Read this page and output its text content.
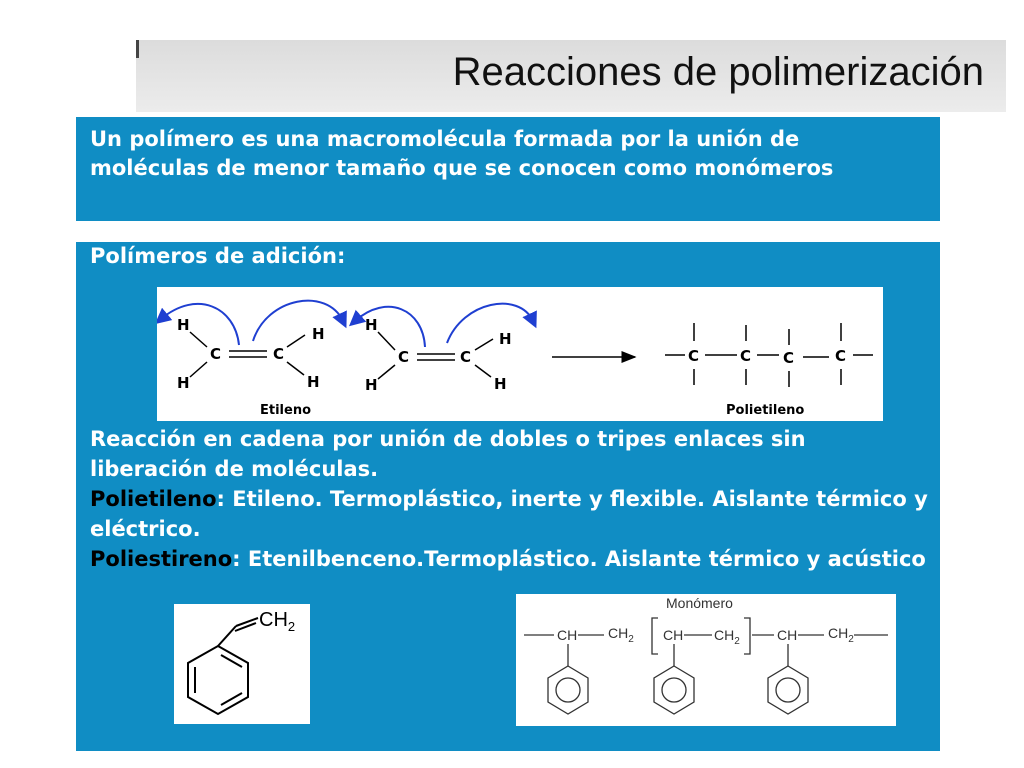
Reacciones de polimerización

Un polímero es una macromolécula formada por la unión de moléculas de menor tamaño que se conocen como monómeros

Polímeros de adición:

H
H
C	C
H
H
H
H
C	C
H
H
C	C C	C
Etileno	Polietileno

Reacción en cadena por unión de dobles o tripes enlaces sin liberación de moléculas.
Polietileno: Etileno. Termoplástico, inerte y flexible. Aislante térmico y eléctrico.
Poliestireno: Etenilbenceno.Termoplástico. Aislante térmico y acústico

$CH_2$
Monómero
CH $CH_2$ CH $CH_2$	CH $CH_2$
